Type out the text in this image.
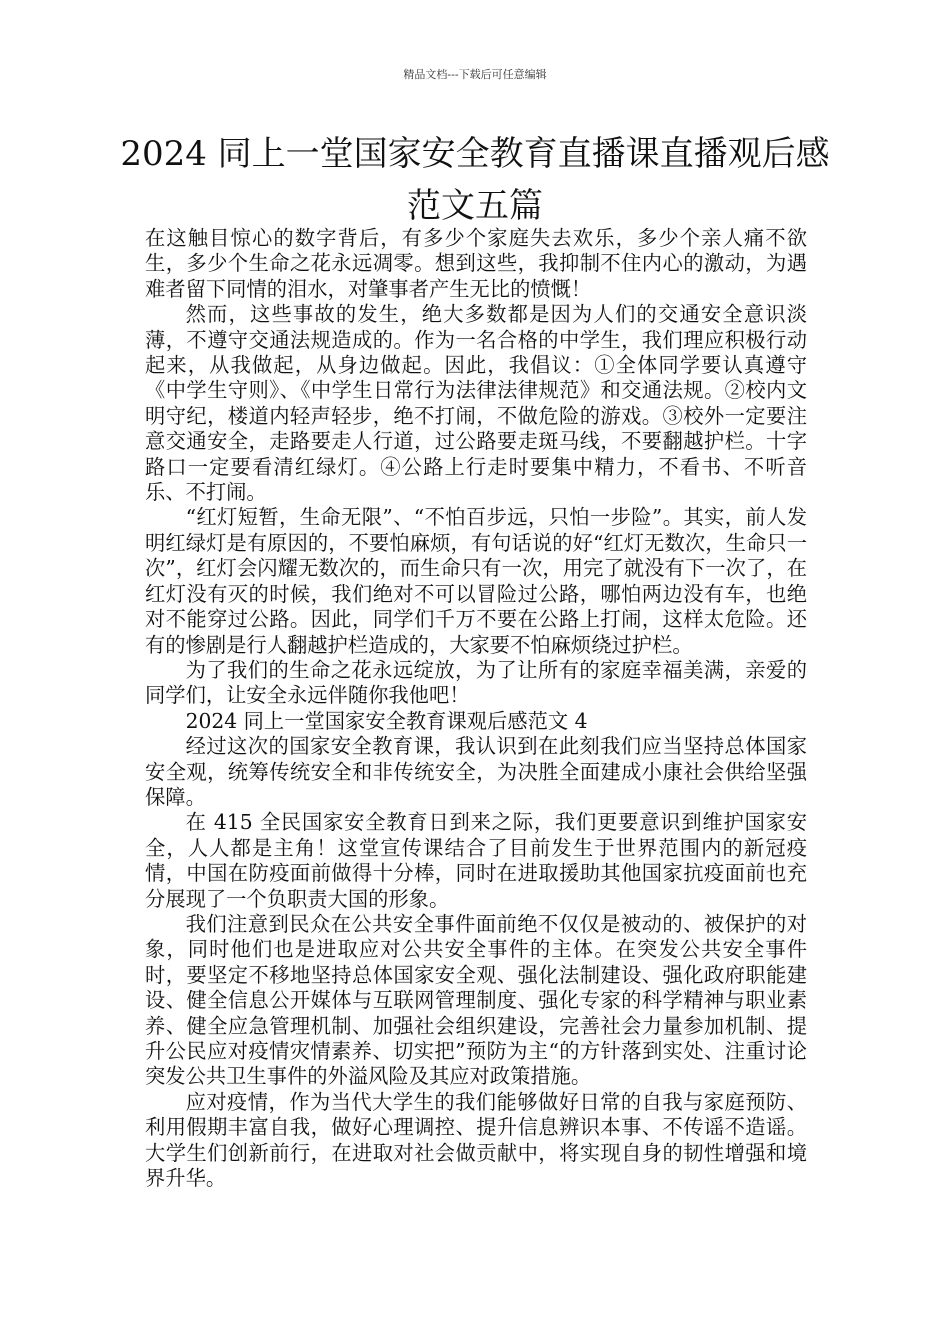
精品文档---下载后可任意编辑
2024 同上一堂国家安全教育直播课直播观后感范文五篇

在这触目惊心的数字背后，有多少个家庭失去欢乐，多少个亲人痛不欲生，多少个生命之花永远凋零。想到这些，我抑制不住内心的激动，为遇难者留下同情的泪水，对肇事者产生无比的愤慨！

然而，这些事故的发生，绝大多数都是因为人们的交通安全意识淡薄，不遵守交通法规造成的。作为一名合格的中学生，我们理应积极行动起来，从我做起，从身边做起。因此，我倡议：①全体同学要认真遵守《中学生守则》、《中学生日常行为法律法律规范》和交通法规。②校内文明守纪，楼道内轻声轻步，绝不打闹，不做危险的游戏。③校外一定要注意交通安全，走路要走人行道，过公路要走斑马线，不要翻越护栏。十字路口一定要看清红绿灯。④公路上行走时要集中精力，不看书、不听音乐、不打闹。

“红灯短暂，生命无限”、“不怕百步远，只怕一步险”。其实，前人发明红绿灯是有原因的，不要怕麻烦，有句话说的好“红灯无数次，生命只一次”，红灯会闪耀无数次的，而生命只有一次，用完了就没有下一次了，在红灯没有灭的时候，我们绝对不可以冒险过公路，哪怕两边没有车，也绝对不能穿过公路。因此，同学们千万不要在公路上打闹，这样太危险。还有的惨剧是行人翻越护栏造成的，大家要不怕麻烦绕过护栏。

为了我们的生命之花永远绽放，为了让所有的家庭幸福美满，亲爱的同学们，让安全永远伴随你我他吧！

2024 同上一堂国家安全教育课观后感范文 4

经过这次的国家安全教育课，我认识到在此刻我们应当坚持总体国家安全观，统筹传统安全和非传统安全，为决胜全面建成小康社会供给坚强保障。

在 415 全民国家安全教育日到来之际，我们更要意识到维护国家安全，人人都是主角！这堂宣传课结合了目前发生于世界范围内的新冠疫情，中国在防疫面前做得十分棒，同时在进取援助其他国家抗疫面前也充分展现了一个负职责大国的形象。

我们注意到民众在公共安全事件面前绝不仅仅是被动的、被保护的对象，同时他们也是进取应对公共安全事件的主体。在突发公共安全事件时，要坚定不移地坚持总体国家安全观、强化法制建设、强化政府职能建设、健全信息公开媒体与互联网管理制度、强化专家的科学精神与职业素养、健全应急管理机制、加强社会组织建设，完善社会力量参加机制、提升公民应对疫情灾情素养、切实把”预防为主“的方针落到实处、注重讨论突发公共卫生事件的外溢风险及其应对政策措施。

应对疫情，作为当代大学生的我们能够做好日常的自我与家庭预防、利用假期丰富自我，做好心理调控、提升信息辨识本事、不传谣不造谣。大学生们创新前行，在进取对社会做贡献中，将实现自身的韧性增强和境界升华。
